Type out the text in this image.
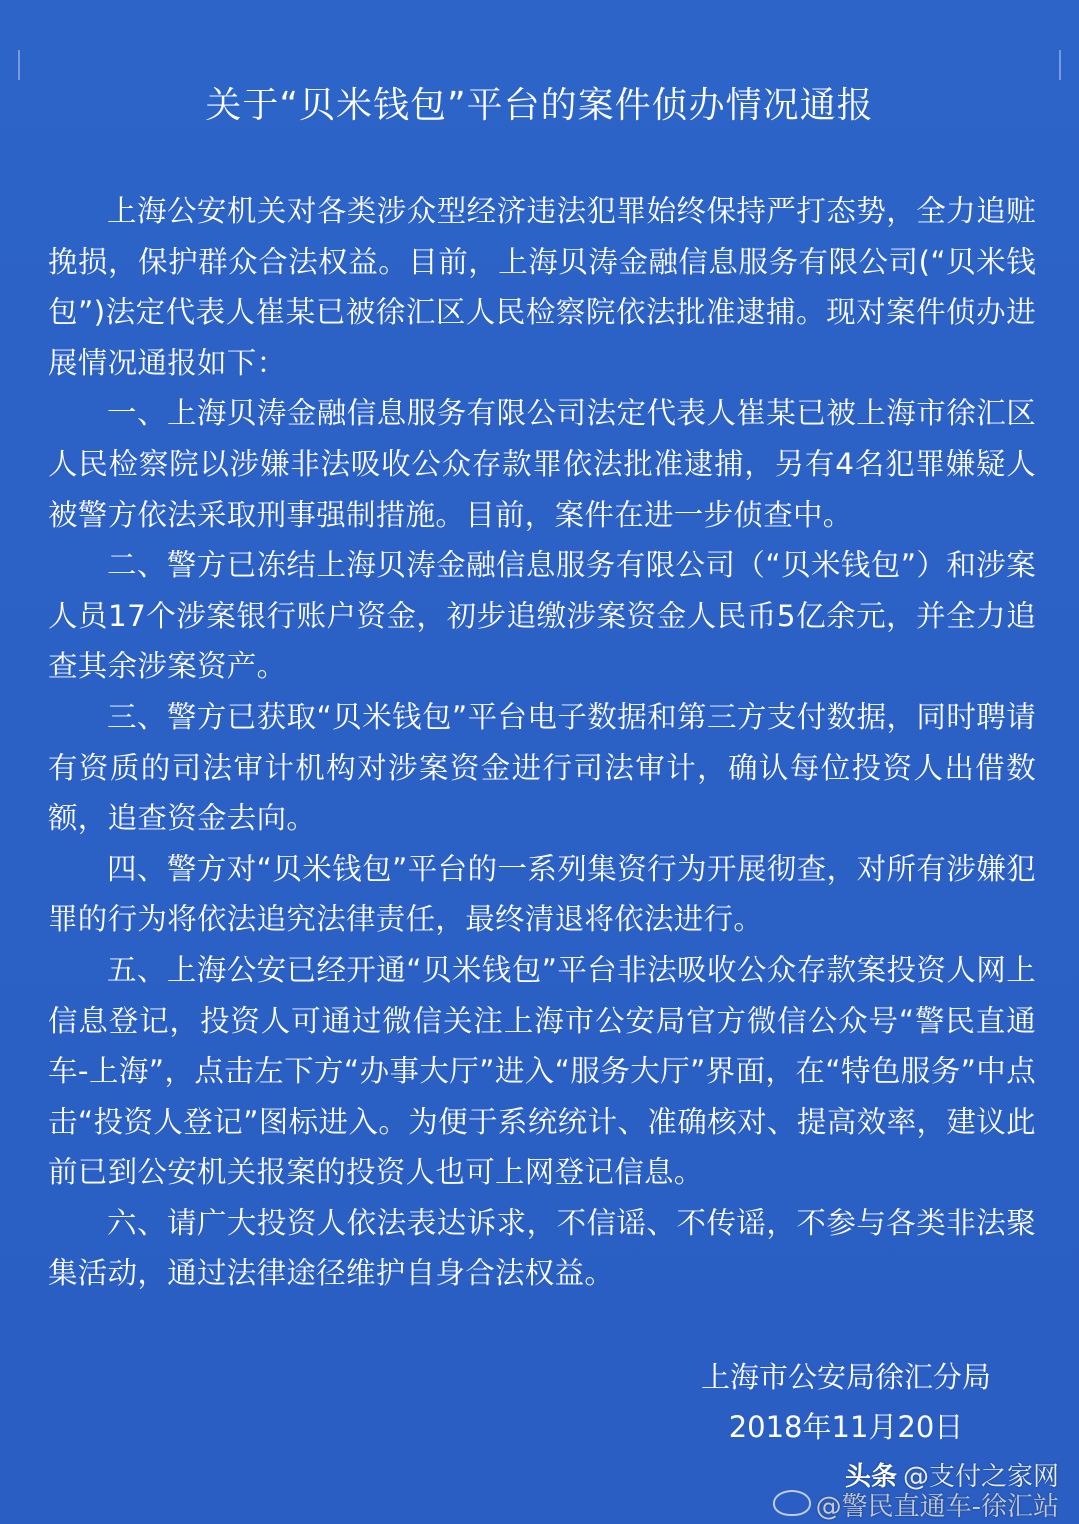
关于“贝米钱包”平台的案件侦办情况通报

上海公安机关对各类涉众型经济违法犯罪始终保持严打态势，全力追赃挽损，保护群众合法权益。目前，上海贝涛金融信息服务有限公司(“贝米钱包”)法定代表人崔某已被徐汇区人民检察院依法批准逮捕。现对案件侦办进展情况通报如下：

一、上海贝涛金融信息服务有限公司法定代表人崔某已被上海市徐汇区人民检察院以涉嫌非法吸收公众存款罪依法批准逮捕，另有4名犯罪嫌疑人被警方依法采取刑事强制措施。目前，案件在进一步侦查中。

二、警方已冻结上海贝涛金融信息服务有限公司（“贝米钱包”）和涉案人员17个涉案银行账户资金，初步追缴涉案资金人民币5亿余元，并全力追查其余涉案资产。

三、警方已获取“贝米钱包”平台电子数据和第三方支付数据，同时聘请有资质的司法审计机构对涉案资金进行司法审计，确认每位投资人出借数额，追查资金去向。

四、警方对“贝米钱包”平台的一系列集资行为开展彻查，对所有涉嫌犯罪的行为将依法追究法律责任，最终清退将依法进行。

五、上海公安已经开通“贝米钱包”平台非法吸收公众存款案投资人网上信息登记，投资人可通过微信关注上海市公安局官方微信公众号“警民直通车-上海”，点击左下方“办事大厅”进入“服务大厅”界面，在“特色服务”中点击“投资人登记”图标进入。为便于系统统计、准确核对、提高效率，建议此前已到公安机关报案的投资人也可上网登记信息。

六、请广大投资人依法表达诉求，不信谣、不传谣，不参与各类非法聚集活动，通过法律途径维护自身合法权益。

上海市公安局徐汇分局
2018年11月20日
头条 @支付之家网
@警民直通车-徐汇站
